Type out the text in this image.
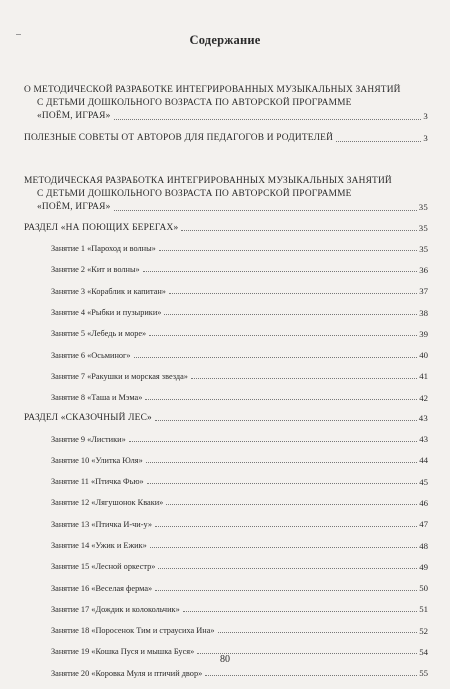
Содержание
О МЕТОДИЧЕСКОЙ РАЗРАБОТКЕ ИНТЕГРИРОВАННЫХ МУЗЫКАЛЬНЫХ ЗАНЯТИЙ
С ДЕТЬМИ ДОШКОЛЬНОГО ВОЗРАСТА ПО АВТОРСКОЙ ПРОГРАММЕ
«ПОЁМ, ИГРАЯ»	3
ПОЛЕЗНЫЕ СОВЕТЫ ОТ АВТОРОВ ДЛЯ ПЕДАГОГОВ И РОДИТЕЛЕЙ	3
МЕТОДИЧЕСКАЯ РАЗРАБОТКА ИНТЕГРИРОВАННЫХ МУЗЫКАЛЬНЫХ ЗАНЯТИЙ
С ДЕТЬМИ ДОШКОЛЬНОГО ВОЗРАСТА ПО АВТОРСКОЙ ПРОГРАММЕ
«ПОЁМ, ИГРАЯ»	35
РАЗДЕЛ «НА ПОЮЩИХ БЕРЕГАХ»	35
Занятие 1 «Пароход и волны»	35
Занятие 2 «Кит и волны»	36
Занятие 3 «Кораблик и капитан»	37
Занятие 4 «Рыбки и пузырики»	38
Занятие 5 «Лебедь и море»	39
Занятие 6 «Осьминог»	40
Занятие 7 «Ракушки и морская звезда»	41
Занятие 8 «Таша и Мэма»	42
РАЗДЕЛ «СКАЗОЧНЫЙ ЛЕС»	43
Занятие 9 «Листики»	43
Занятие 10 «Улитка Юля»	44
Занятие 11 «Птичка Фью»	45
Занятие 12 «Лягушонок Кваки»	46
Занятие 13 «Птичка И-чи-у»	47
Занятие 14 «Ужик и Ежик»	48
Занятие 15 «Лесной оркестр»	49
Занятие 16 «Веселая ферма»	50
Занятие 17 «Дождик и колокольчик»	51
Занятие 18 «Поросенок Тим и страусиха Ина»	52
Занятие 19 «Кошка Пуся и мышка Буся»	54
Занятие 20 «Коровка Муля и птичий двор»	55
80
